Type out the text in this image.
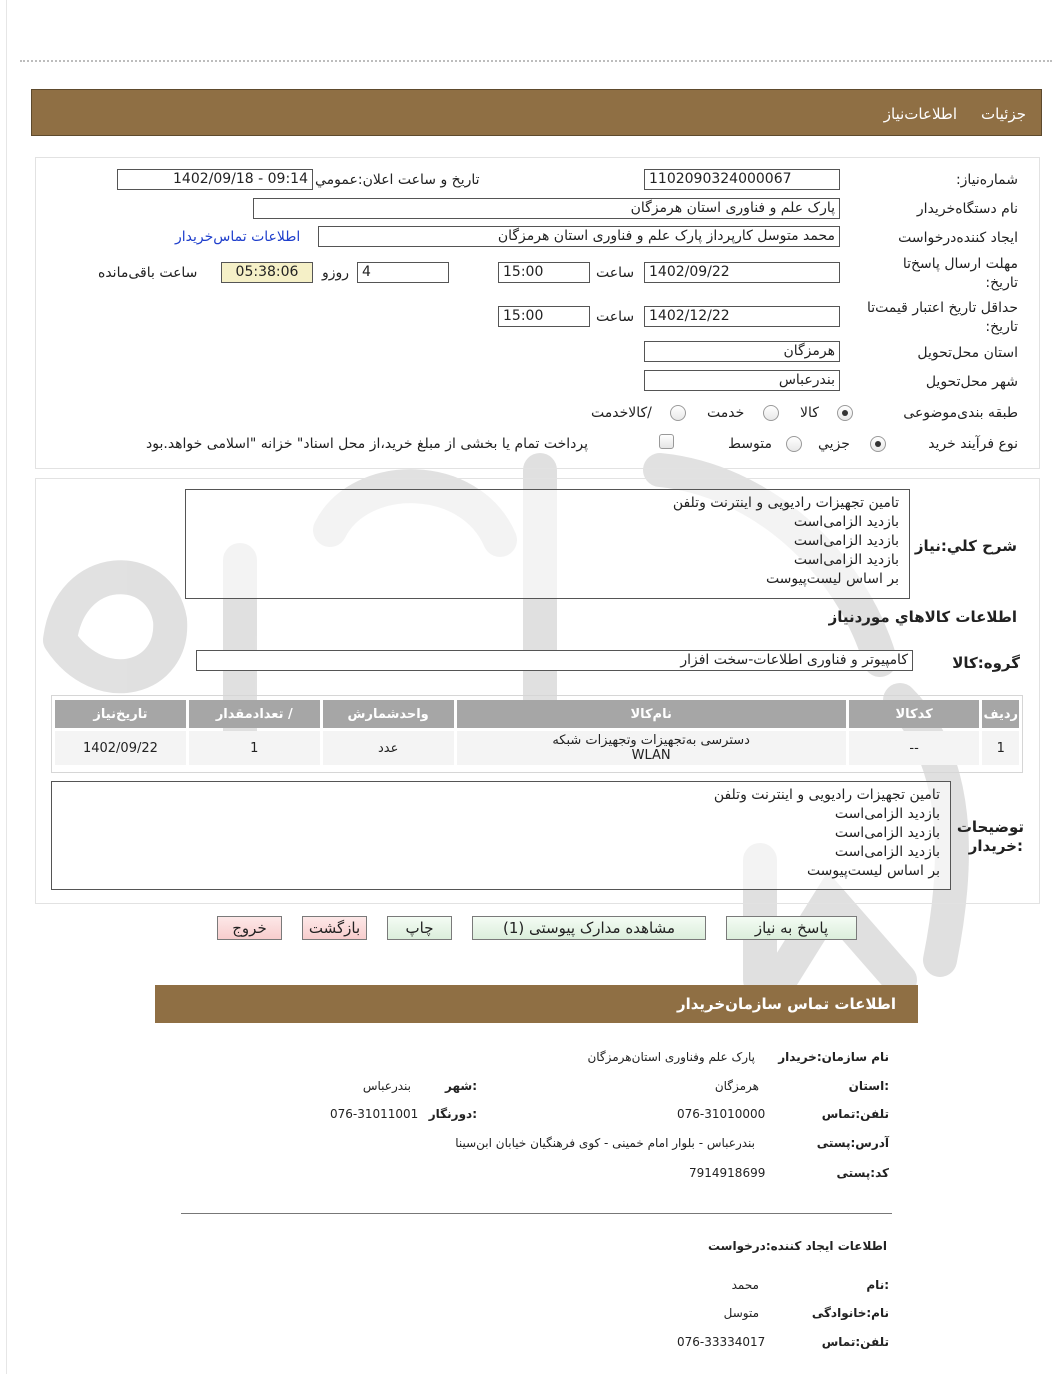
جزئیات
اطلاعات‌نیاز
شماره‌نیاز:
1102090324000067
تاریخ و ساعت اعلان:عمومي
1402/09/18 - 09:14
نام دستگاه‌خریدار
پارک علم و فناوری استان هرمزگان
ایجاد کننده‌درخواست
محمد متوسل کارپرداز پارک علم و فناوری استان هرمزگان
اطلاعات تماس‌خریدار
مهلت ارسال پاسخ‌تا
تاریخ:
1402/09/22
ساعت
15:00
4
روزو
05:38:06
ساعت باقی‌مانده
حداقل تاریخ اعتبار قیمت‌تا
تاریخ:
1402/12/22
ساعت
15:00
استان محل‌تحویل
هرمزگان
شهر محل‌تحویل
بندرعباس
طبقه بندی‌موضوعی
کالا
خدمت
/کالاخدمت
نوع فرآیند خرید
جزیي
متوسط
پرداخت تمام یا بخشی از مبلغ خرید،از محل اسناد" خزانه "اسلامی خواهد.بود
شرح کلي:نیاز
تامین تجهیزات رادیویی و اینترنت وتلفن
بازدید الزامی‌است
بازدید الزامی‌است
بازدید الزامی‌است
بر اساس لیست‌پیوست
اطلاعات کالاهاي موردنیاز
گروه:کالا
کامپیوتر و فناوری اطلاعات-سخت افزار
ردیف	کدکالا	نام‌کالا	واحدشمارش	/ تعدادمقدار	تاریخ‌نیاز
1	--	دسترسی به‌تجهیزات و‌تجهیزات شبکه
WLAN	عدد	1	1402/09/22
توضیحات
:خریدار
تامین تجهیزات رادیویی و اینترنت وتلفن
بازدید الزامی‌است
بازدید الزامی‌است
بازدید الزامی‌است
بر اساس لیست‌پیوست
پاسخ به نیاز
مشاهده مدارک پیوستی (1)
چاپ
بازگشت
خروج
اطلاعات تماس سازمان‌خریدار
نام سازمان:خریدار
پارک علم وفناوری استان‌هرمزگان
:استان
هرمزگان
:شهر
بندرعباس
تلفن:تماس
076-31010000
:دورنگار
076-31011001
آدرس:پستی
بندرعباس - بلوار امام خمینی - کوی فرهنگیان خیابان ابن‌سینا
کد:پستی
7914918699
اطلاعات ایجاد کننده:درخواست
:نام
محمد
نام:خانوادگی
متوسل
تلفن:تماس
076-33334017
